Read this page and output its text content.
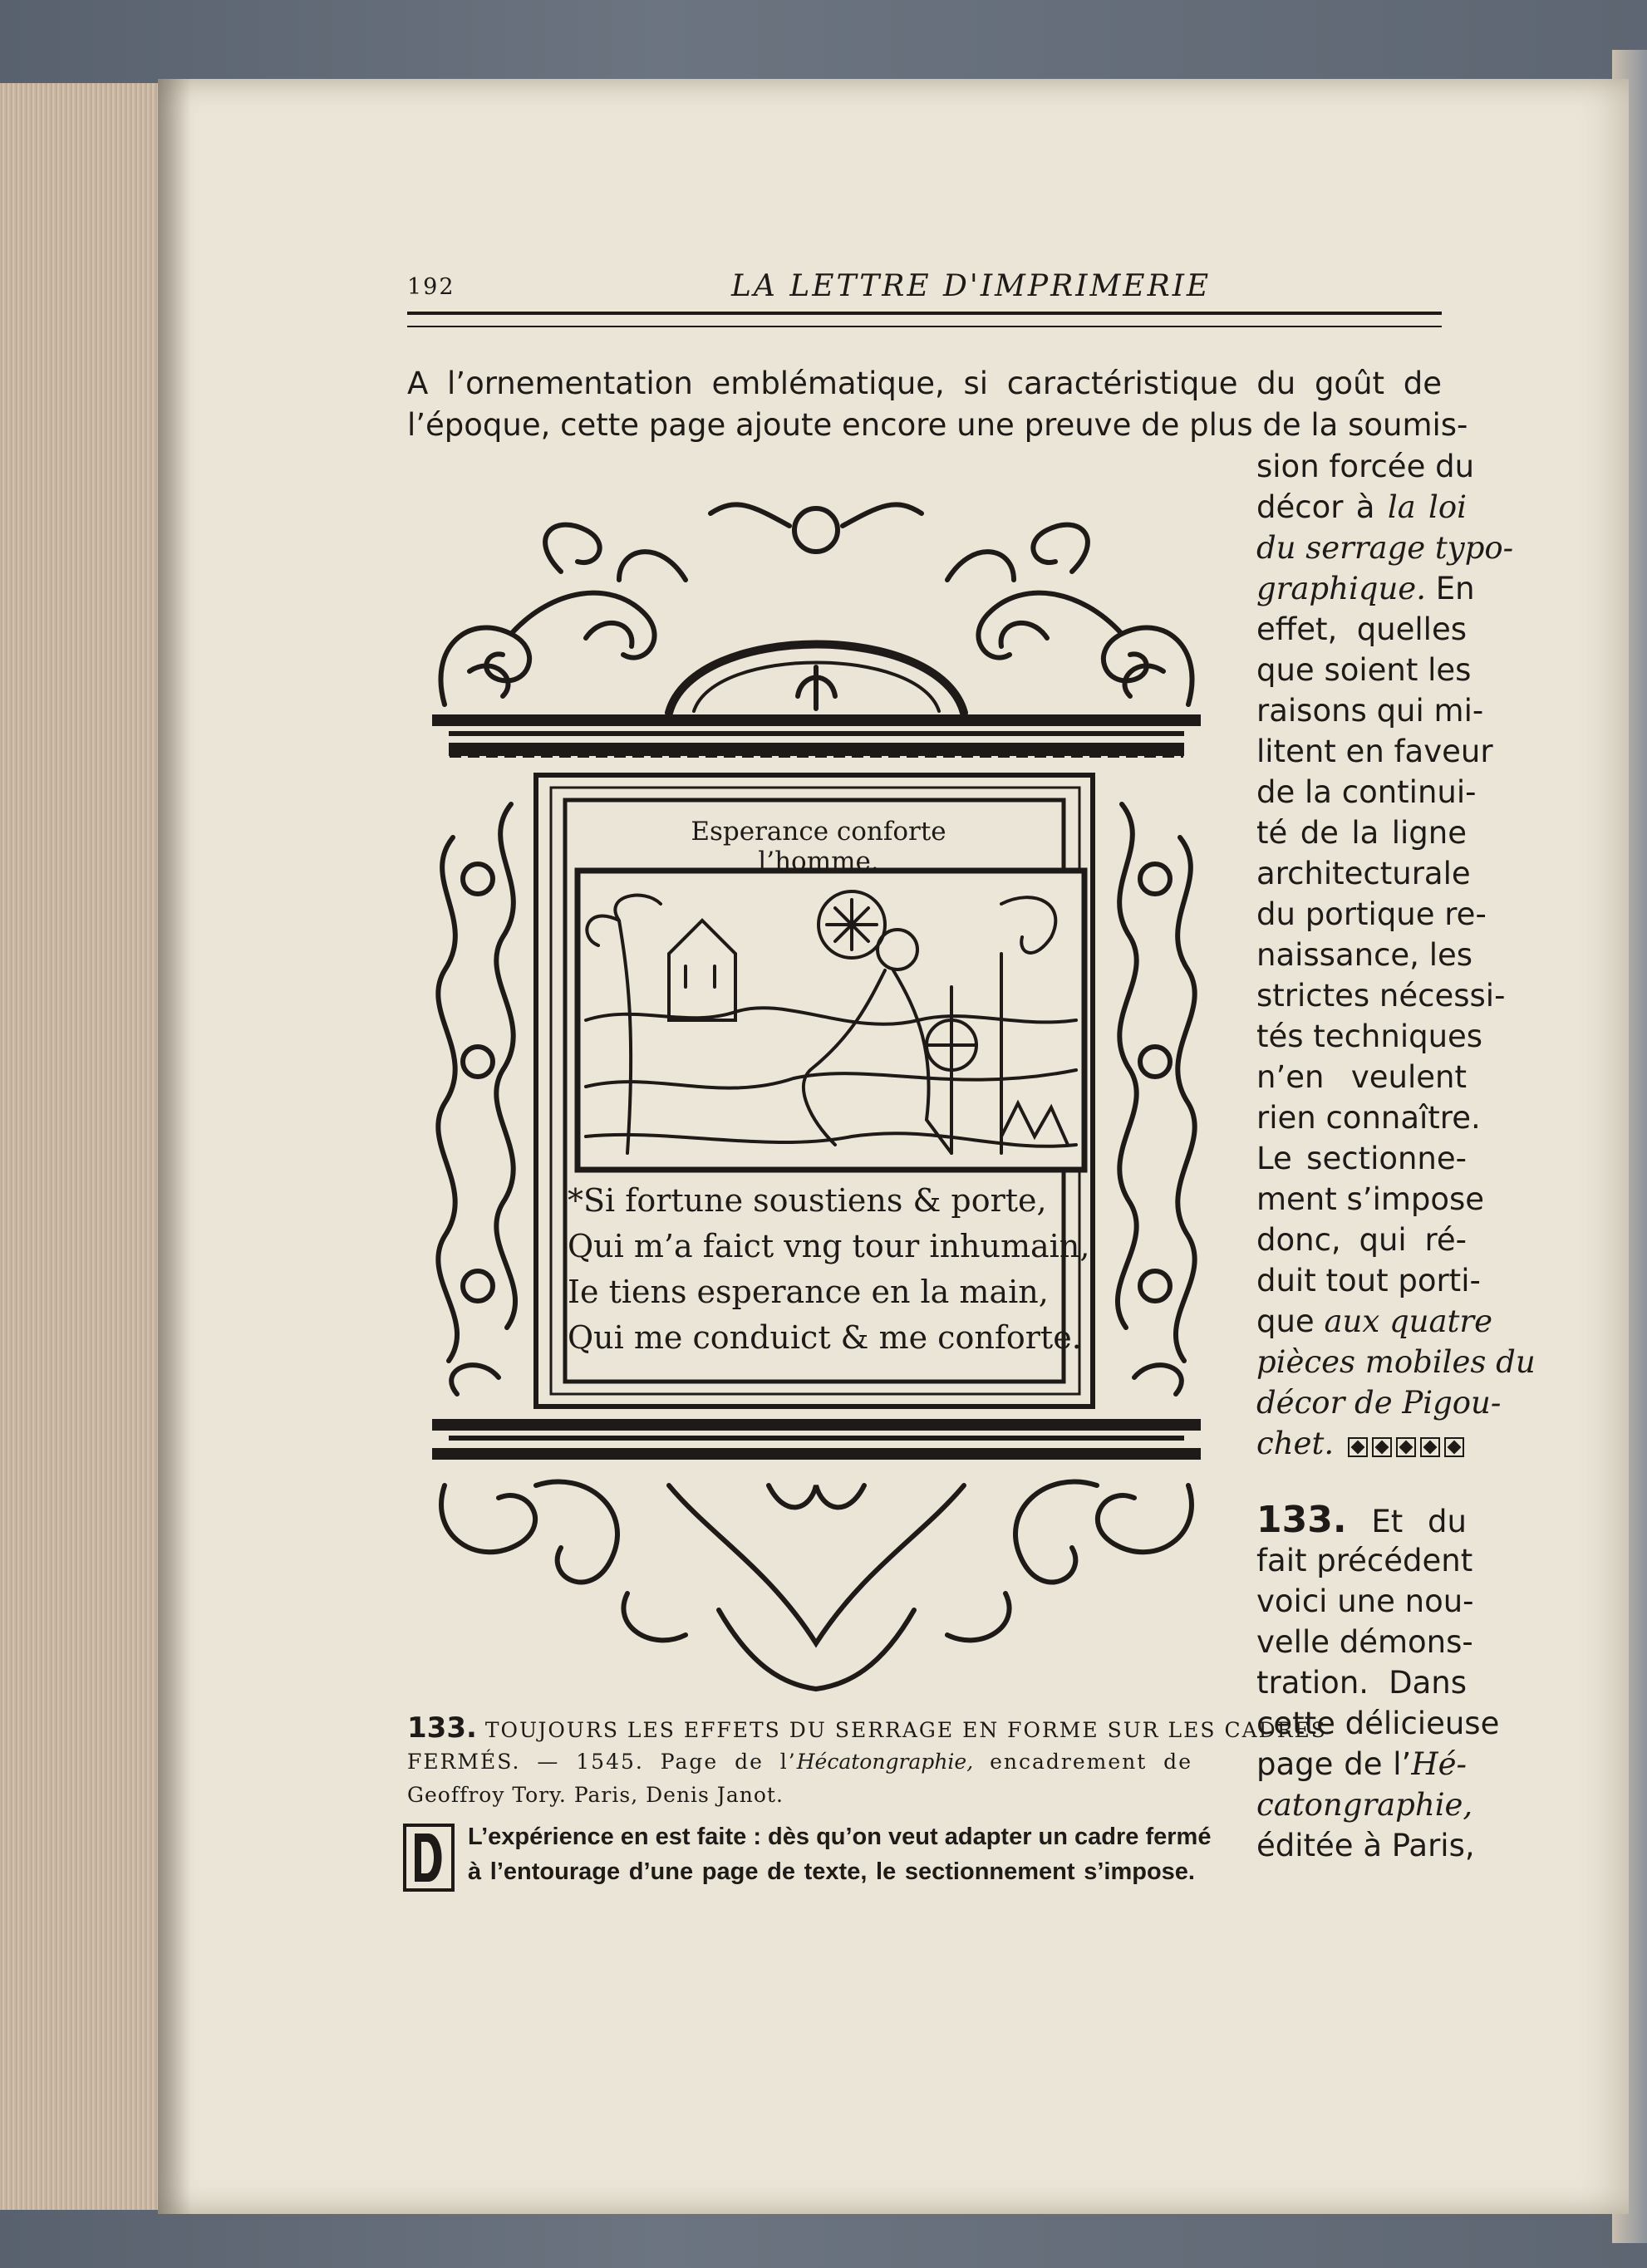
192	LA LETTRE D'IMPRIMERIE
A l’ornementation emblématique, si caractéristique du goût de
l’époque, cette page ajoute encore une preuve de plus de la soumis-
sion forcée du
décor à la loi
du serrage typo-
graphique. En
effet, quelles
que soient les
raisons qui mi-
litent en faveur
de la continui-
té de la ligne
architecturale
du portique re-
naissance, les
strictes nécessi-
tés techniques
n’en veulent
rien connaître.
Le sectionne-
ment s’impose
donc, qui ré-
duit tout porti-
que aux quatre
pièces mobiles du
décor de Pigou-
chet.
133. Et du
fait précédent
voici une nou-
velle démons-
tration. Dans
cette délicieuse
page de l’Hé-
catongraphie,
éditée à Paris,
Esperance conforte l’homme.
*Si fortune soustiens & porte,
Qui m’a faict vng tour inhumain,
Ie tiens esperance en la main,
Qui me conduict & me conforte.
133. TOUJOURS LES EFFETS DU SERRAGE EN FORME SUR LES CADRES
FERMÉS. — 1545. Page de l’Hécatongraphie, encadrement de
Geoffroy Tory. Paris, Denis Janot.
L’expérience en est faite : dès qu’on veut adapter un cadre fermé
à l’entourage d’une page de texte, le sectionnement s’impose.
